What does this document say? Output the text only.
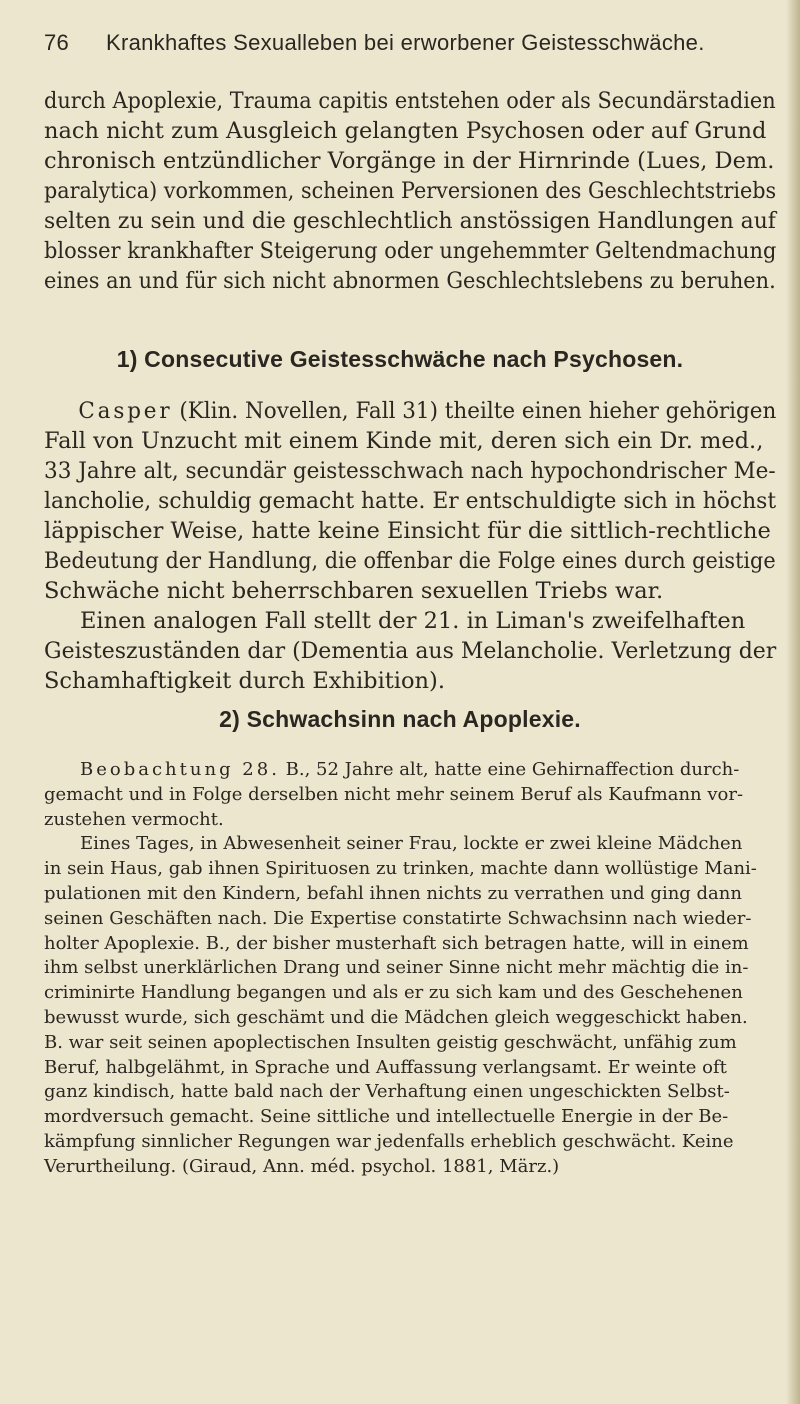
76 Krankhaftes Sexualleben bei erworbener Geistesschwäche.
durch Apoplexie, Trauma capitis entstehen oder als Secundärstadien
nach nicht zum Ausgleich gelangten Psychosen oder auf Grund
chronisch entzündlicher Vorgänge in der Hirnrinde (Lues, Dem.
paralytica) vorkommen, scheinen Perversionen des Geschlechtstriebs
selten zu sein und die geschlechtlich anstössigen Handlungen auf
blosser krankhafter Steigerung oder ungehemmter Geltendmachung
eines an und für sich nicht abnormen Geschlechtslebens zu beruhen.
1) Consecutive Geistesschwäche nach Psychosen.
Casper (Klin. Novellen, Fall 31) theilte einen hieher gehörigen
Fall von Unzucht mit einem Kinde mit, deren sich ein Dr. med.,
33 Jahre alt, secundär geistesschwach nach hypochondrischer Me-
lancholie, schuldig gemacht hatte. Er entschuldigte sich in höchst
läppischer Weise, hatte keine Einsicht für die sittlich-rechtliche
Bedeutung der Handlung, die offenbar die Folge eines durch geistige
Schwäche nicht beherrschbaren sexuellen Triebs war.
Einen analogen Fall stellt der 21. in Liman's zweifelhaften
Geisteszuständen dar (Dementia aus Melancholie. Verletzung der
Schamhaftigkeit durch Exhibition).
2) Schwachsinn nach Apoplexie.
Beobachtung 28. B., 52 Jahre alt, hatte eine Gehirnaffection durch-
gemacht und in Folge derselben nicht mehr seinem Beruf als Kaufmann vor-
zustehen vermocht.
Eines Tages, in Abwesenheit seiner Frau, lockte er zwei kleine Mädchen
in sein Haus, gab ihnen Spirituosen zu trinken, machte dann wollüstige Mani-
pulationen mit den Kindern, befahl ihnen nichts zu verrathen und ging dann
seinen Geschäften nach. Die Expertise constatirte Schwachsinn nach wieder-
holter Apoplexie. B., der bisher musterhaft sich betragen hatte, will in einem
ihm selbst unerklärlichen Drang und seiner Sinne nicht mehr mächtig die in-
criminirte Handlung begangen und als er zu sich kam und des Geschehenen
bewusst wurde, sich geschämt und die Mädchen gleich weggeschickt haben.
B. war seit seinen apoplectischen Insulten geistig geschwächt, unfähig zum
Beruf, halbgelähmt, in Sprache und Auffassung verlangsamt. Er weinte oft
ganz kindisch, hatte bald nach der Verhaftung einen ungeschickten Selbst-
mordversuch gemacht. Seine sittliche und intellectuelle Energie in der Be-
kämpfung sinnlicher Regungen war jedenfalls erheblich geschwächt. Keine
Verurtheilung. (Giraud, Ann. méd. psychol. 1881, März.)
